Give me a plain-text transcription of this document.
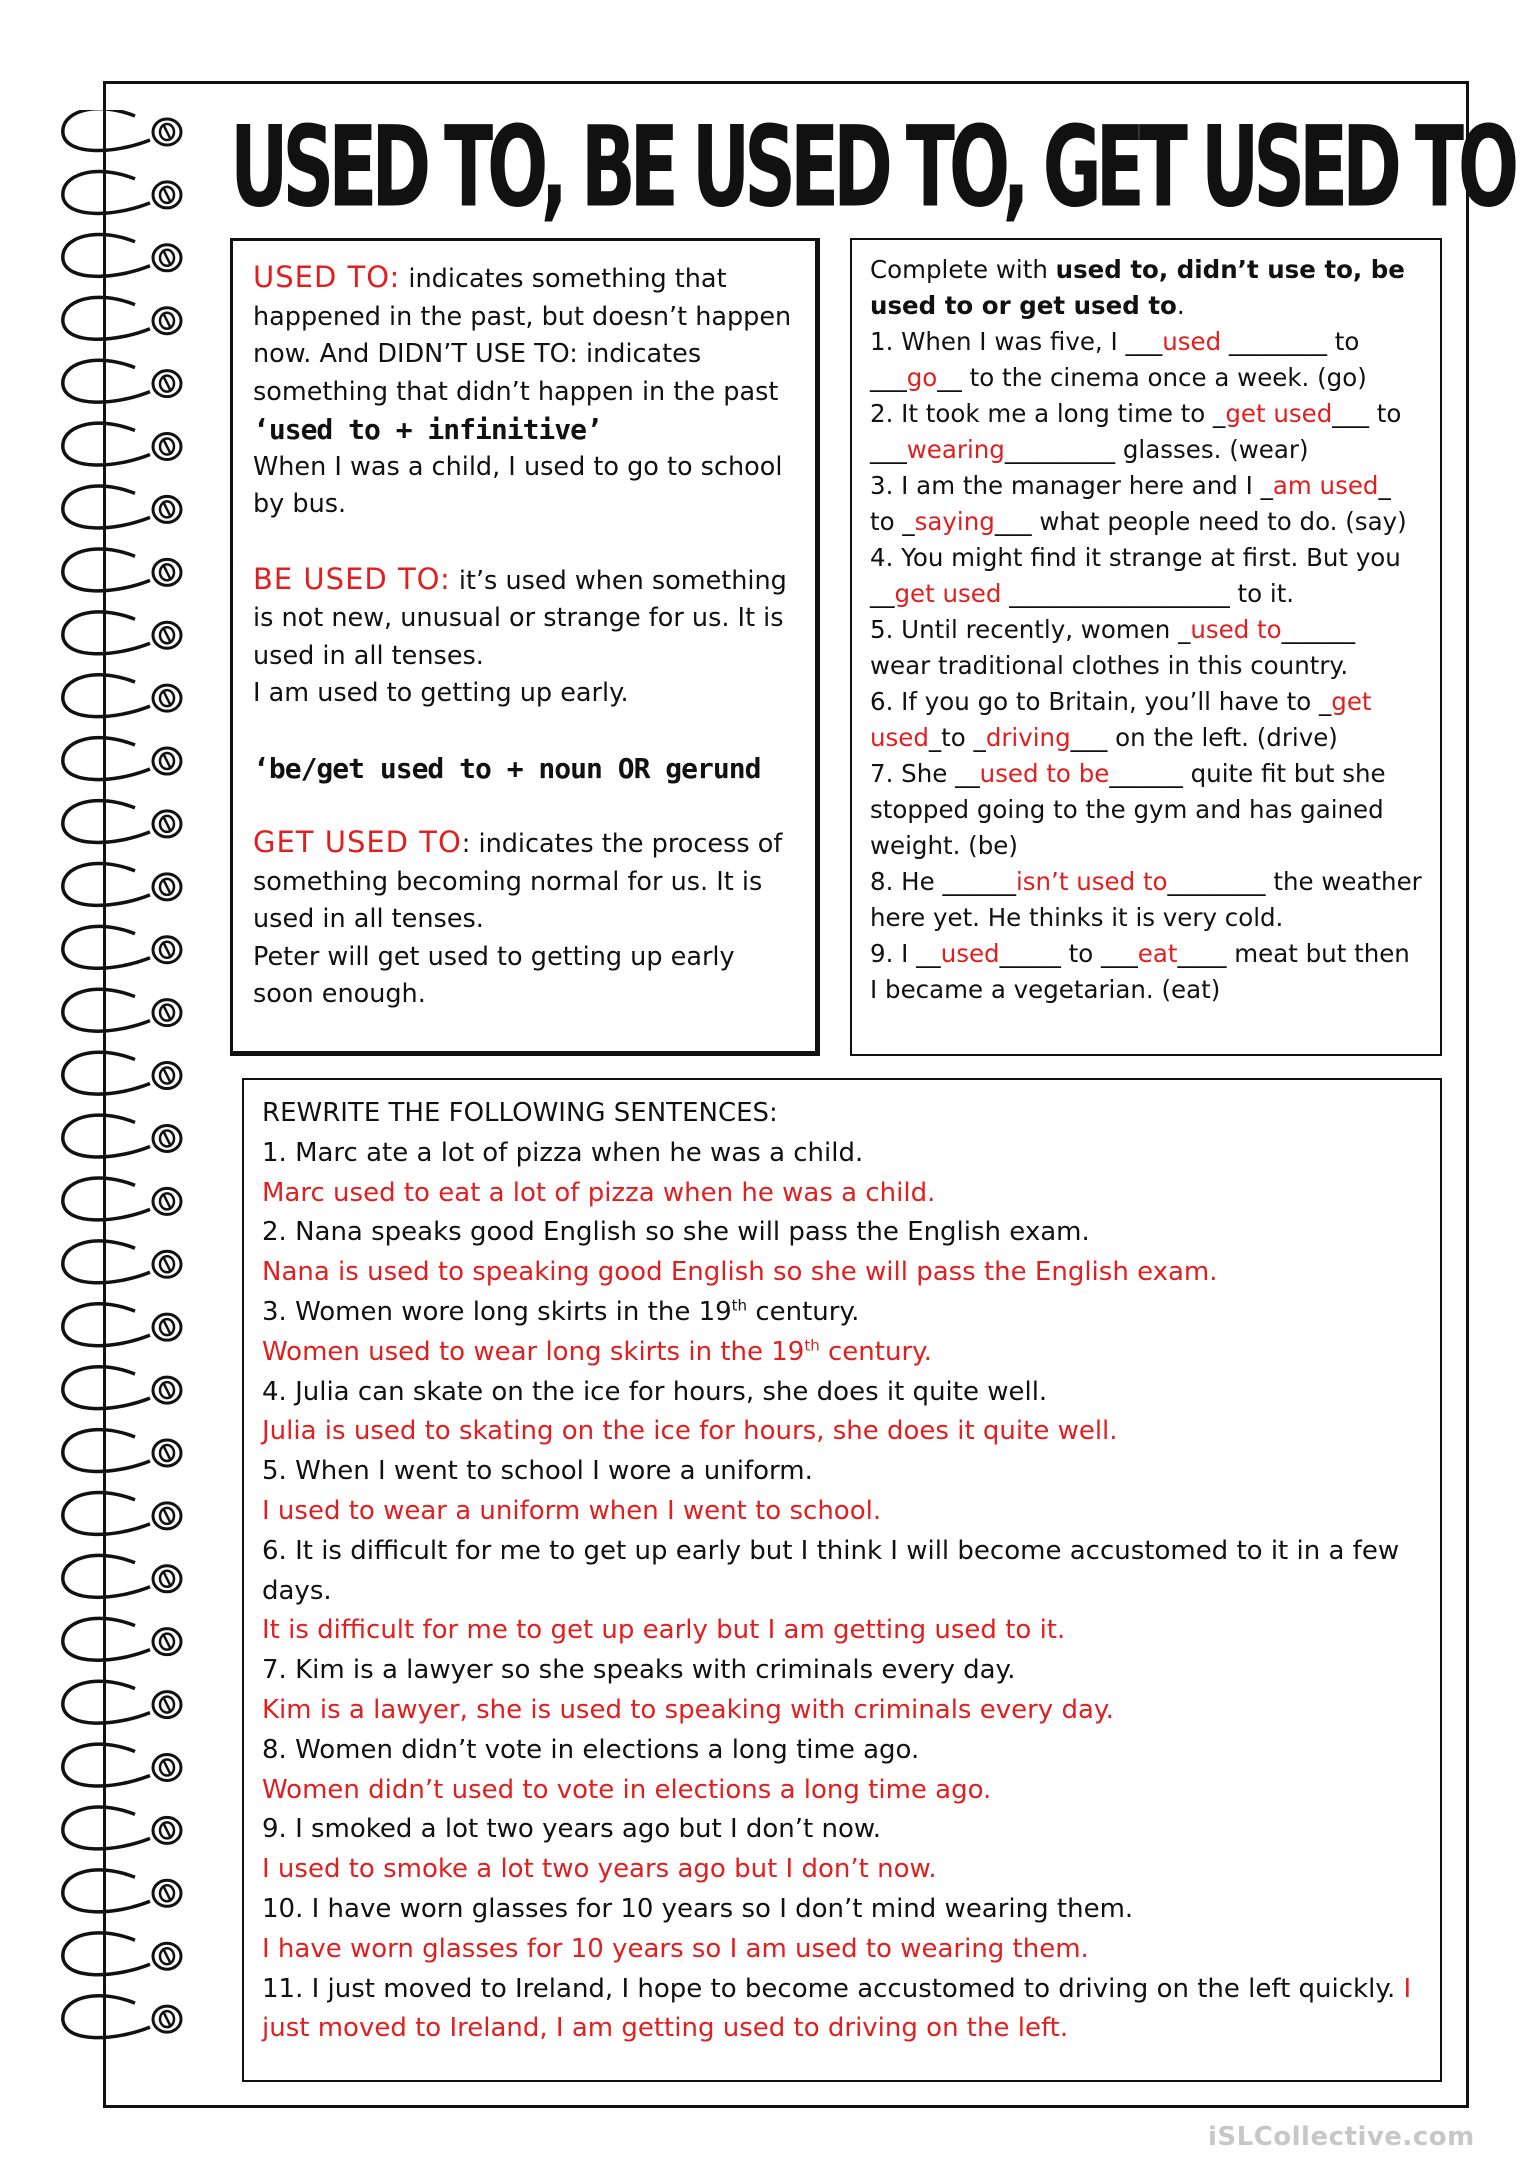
USED TO, BE USED TO, GET USED TO

USED TO: indicates something that happened in the past, but doesn’t happen now. And DIDN’T USE TO: indicates something that didn’t happen in the past

‘used to + infinitive’

When I was a child, I used to go to school by bus.

BE USED TO: it’s used when something is not new, unusual or strange for us. It is used in all tenses.

I am used to getting up early.

‘be/get used to + noun OR gerund

GET USED TO: indicates the process of something becoming normal for us. It is used in all tenses.

Peter will get used to getting up early soon enough.

Complete with used to, didn’t use to, be used to or get used to.

1. When I was five, I ___used ________ to ___go__ to the cinema once a week. (go)

2. It took me a long time to _get used___ to ___wearing_________ glasses. (wear)

3. I am the manager here and I _am used_ to _saying___ what people need to do. (say)

4. You might find it strange at first. But you __get used __________________ to it.

5. Until recently, women _used to______ wear traditional clothes in this country.

6. If you go to Britain, you’ll have to _get used_to _driving___ on the left. (drive)

7. She __used to be______ quite fit but she stopped going to the gym and has gained weight. (be)

8. He ______isn’t used to________ the weather here yet. He thinks it is very cold.

9. I __used_____ to ___eat____ meat but then I became a vegetarian. (eat)

REWRITE THE FOLLOWING SENTENCES:

1. Marc ate a lot of pizza when he was a child.

Marc used to eat a lot of pizza when he was a child.

2. Nana speaks good English so she will pass the English exam.

Nana is used to speaking good English so she will pass the English exam.

3. Women wore long skirts in the 19th century.

Women used to wear long skirts in the 19th century.

4. Julia can skate on the ice for hours, she does it quite well.

Julia is used to skating on the ice for hours, she does it quite well.

5. When I went to school I wore a uniform.

I used to wear a uniform when I went to school.

6. It is difficult for me to get up early but I think I will become accustomed to it in a few days.

It is difficult for me to get up early but I am getting used to it.

7. Kim is a lawyer so she speaks with criminals every day.

Kim is a lawyer, she is used to speaking with criminals every day.

8. Women didn’t vote in elections a long time ago.

Women didn’t used to vote in elections a long time ago.

9. I smoked a lot two years ago but I don’t now.

I used to smoke a lot two years ago but I don’t now.

10. I have worn glasses for 10 years so I don’t mind wearing them.

I have worn glasses for 10 years so I am used to wearing them.

11. I just moved to Ireland, I hope to become accustomed to driving on the left quickly. I just moved to Ireland, I am getting used to driving on the left.

iSLCollective.com
